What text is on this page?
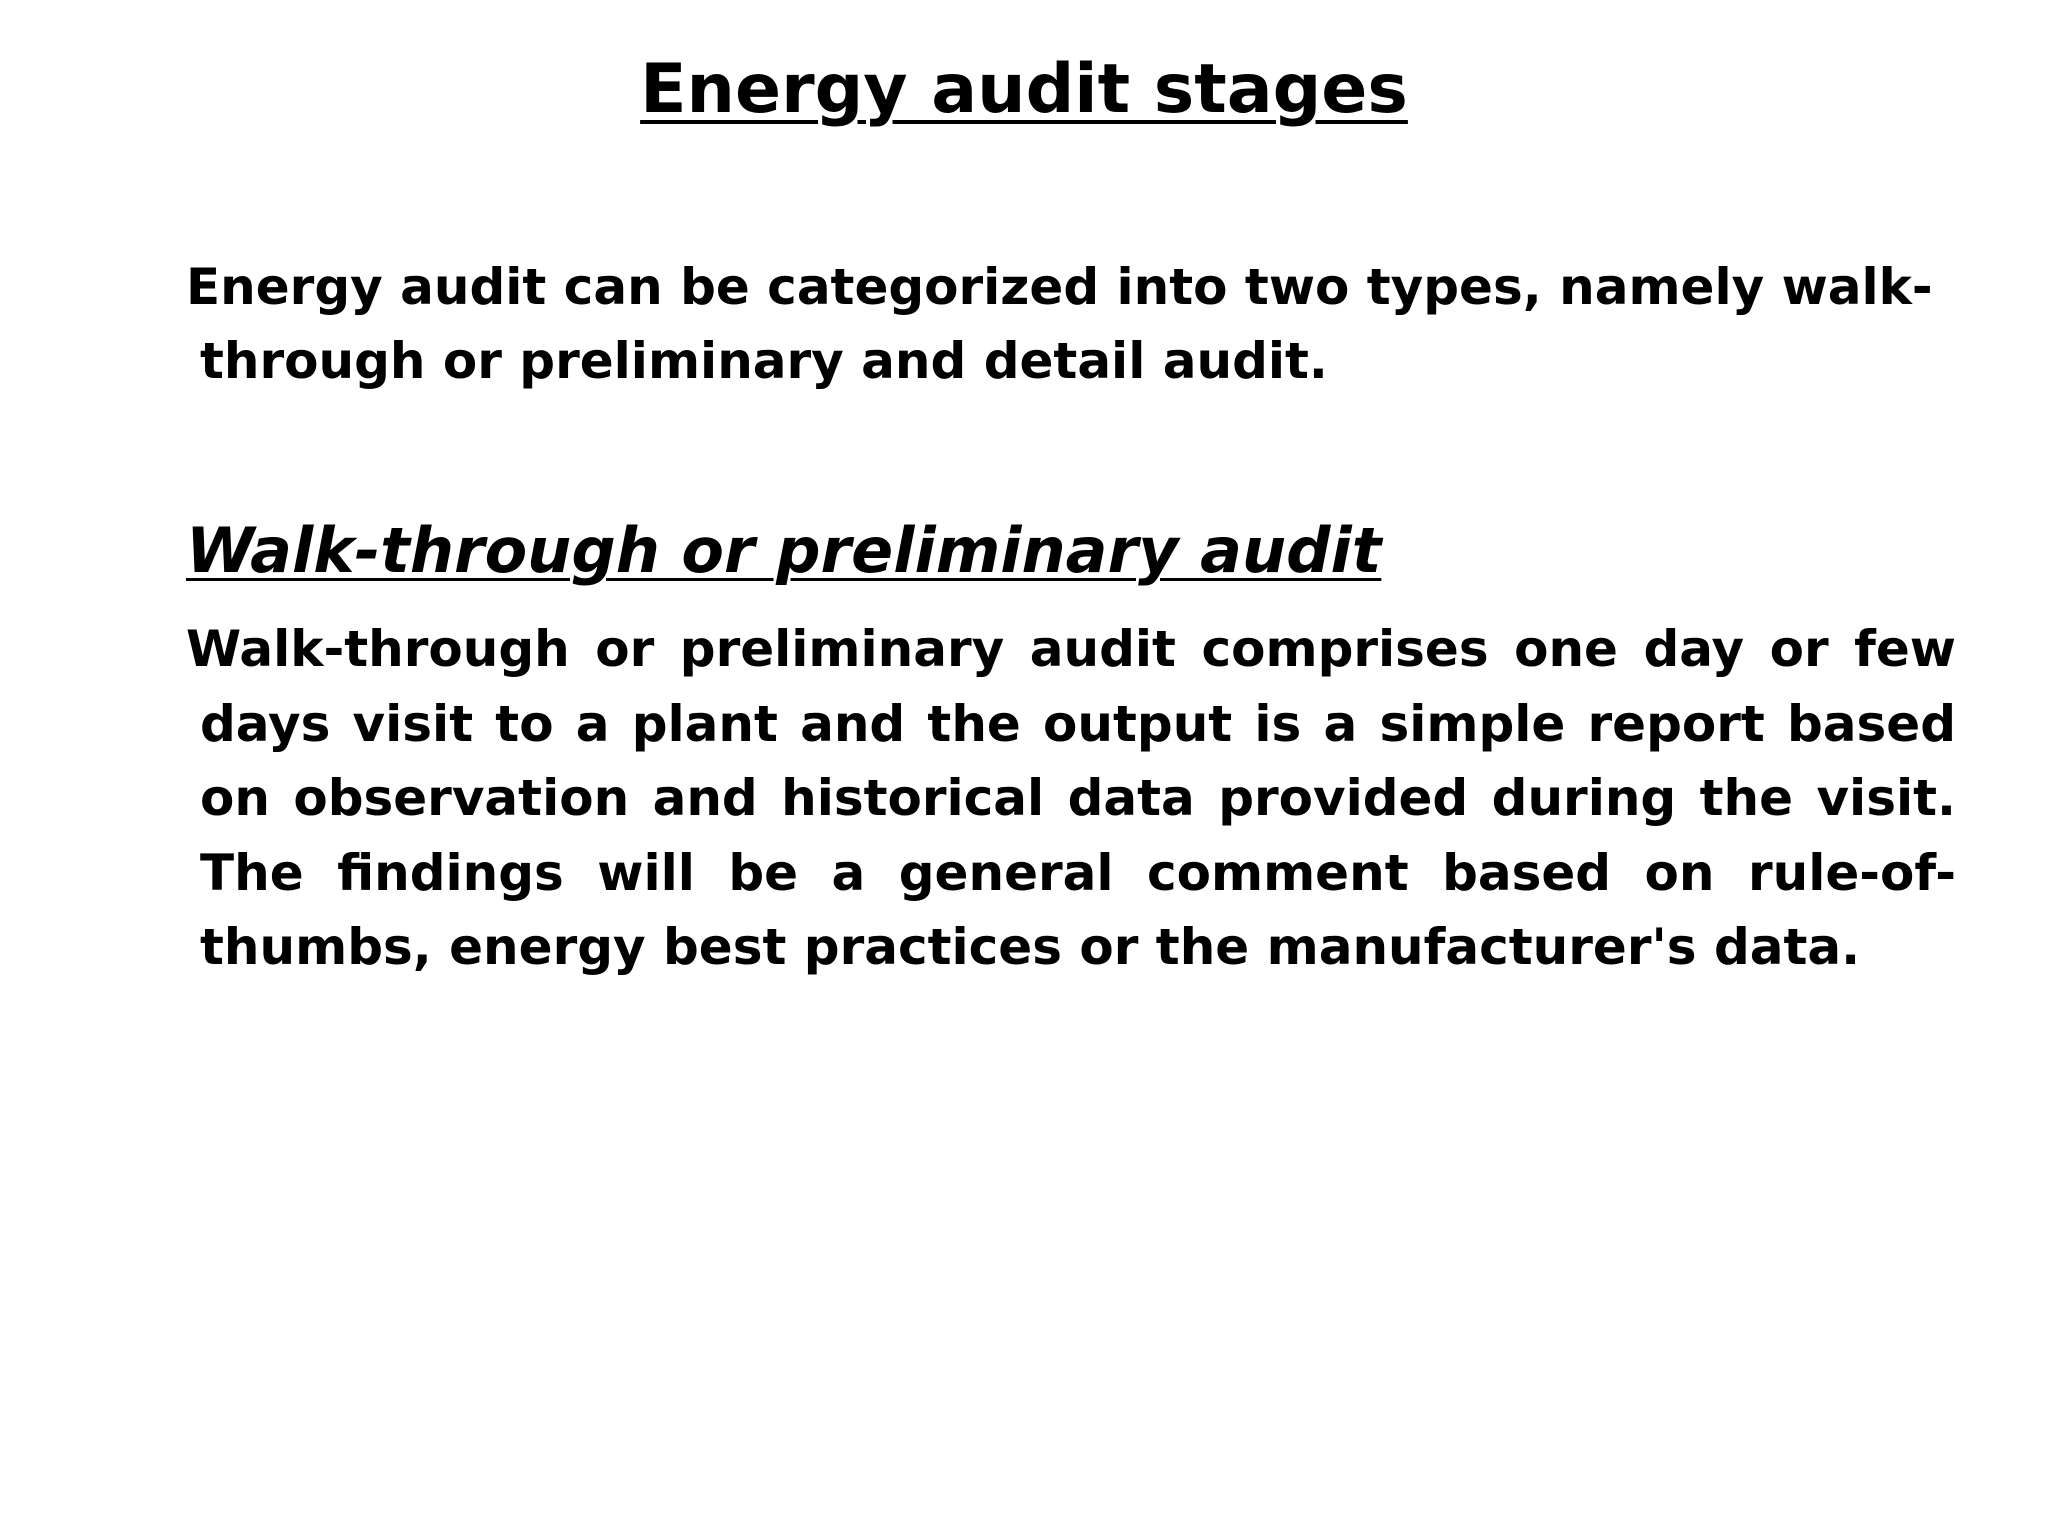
Energy audit stages

Energy audit can be categorized into two types, namely walk-through or preliminary and detail audit.

Walk-through or preliminary audit

Walk-through or preliminary audit comprises one day or few days visit to a plant and the output is a simple report based on observation and historical data provided during the visit. The findings will be a general comment based on rule-of-thumbs, energy best practices or the manufacturer's data.
